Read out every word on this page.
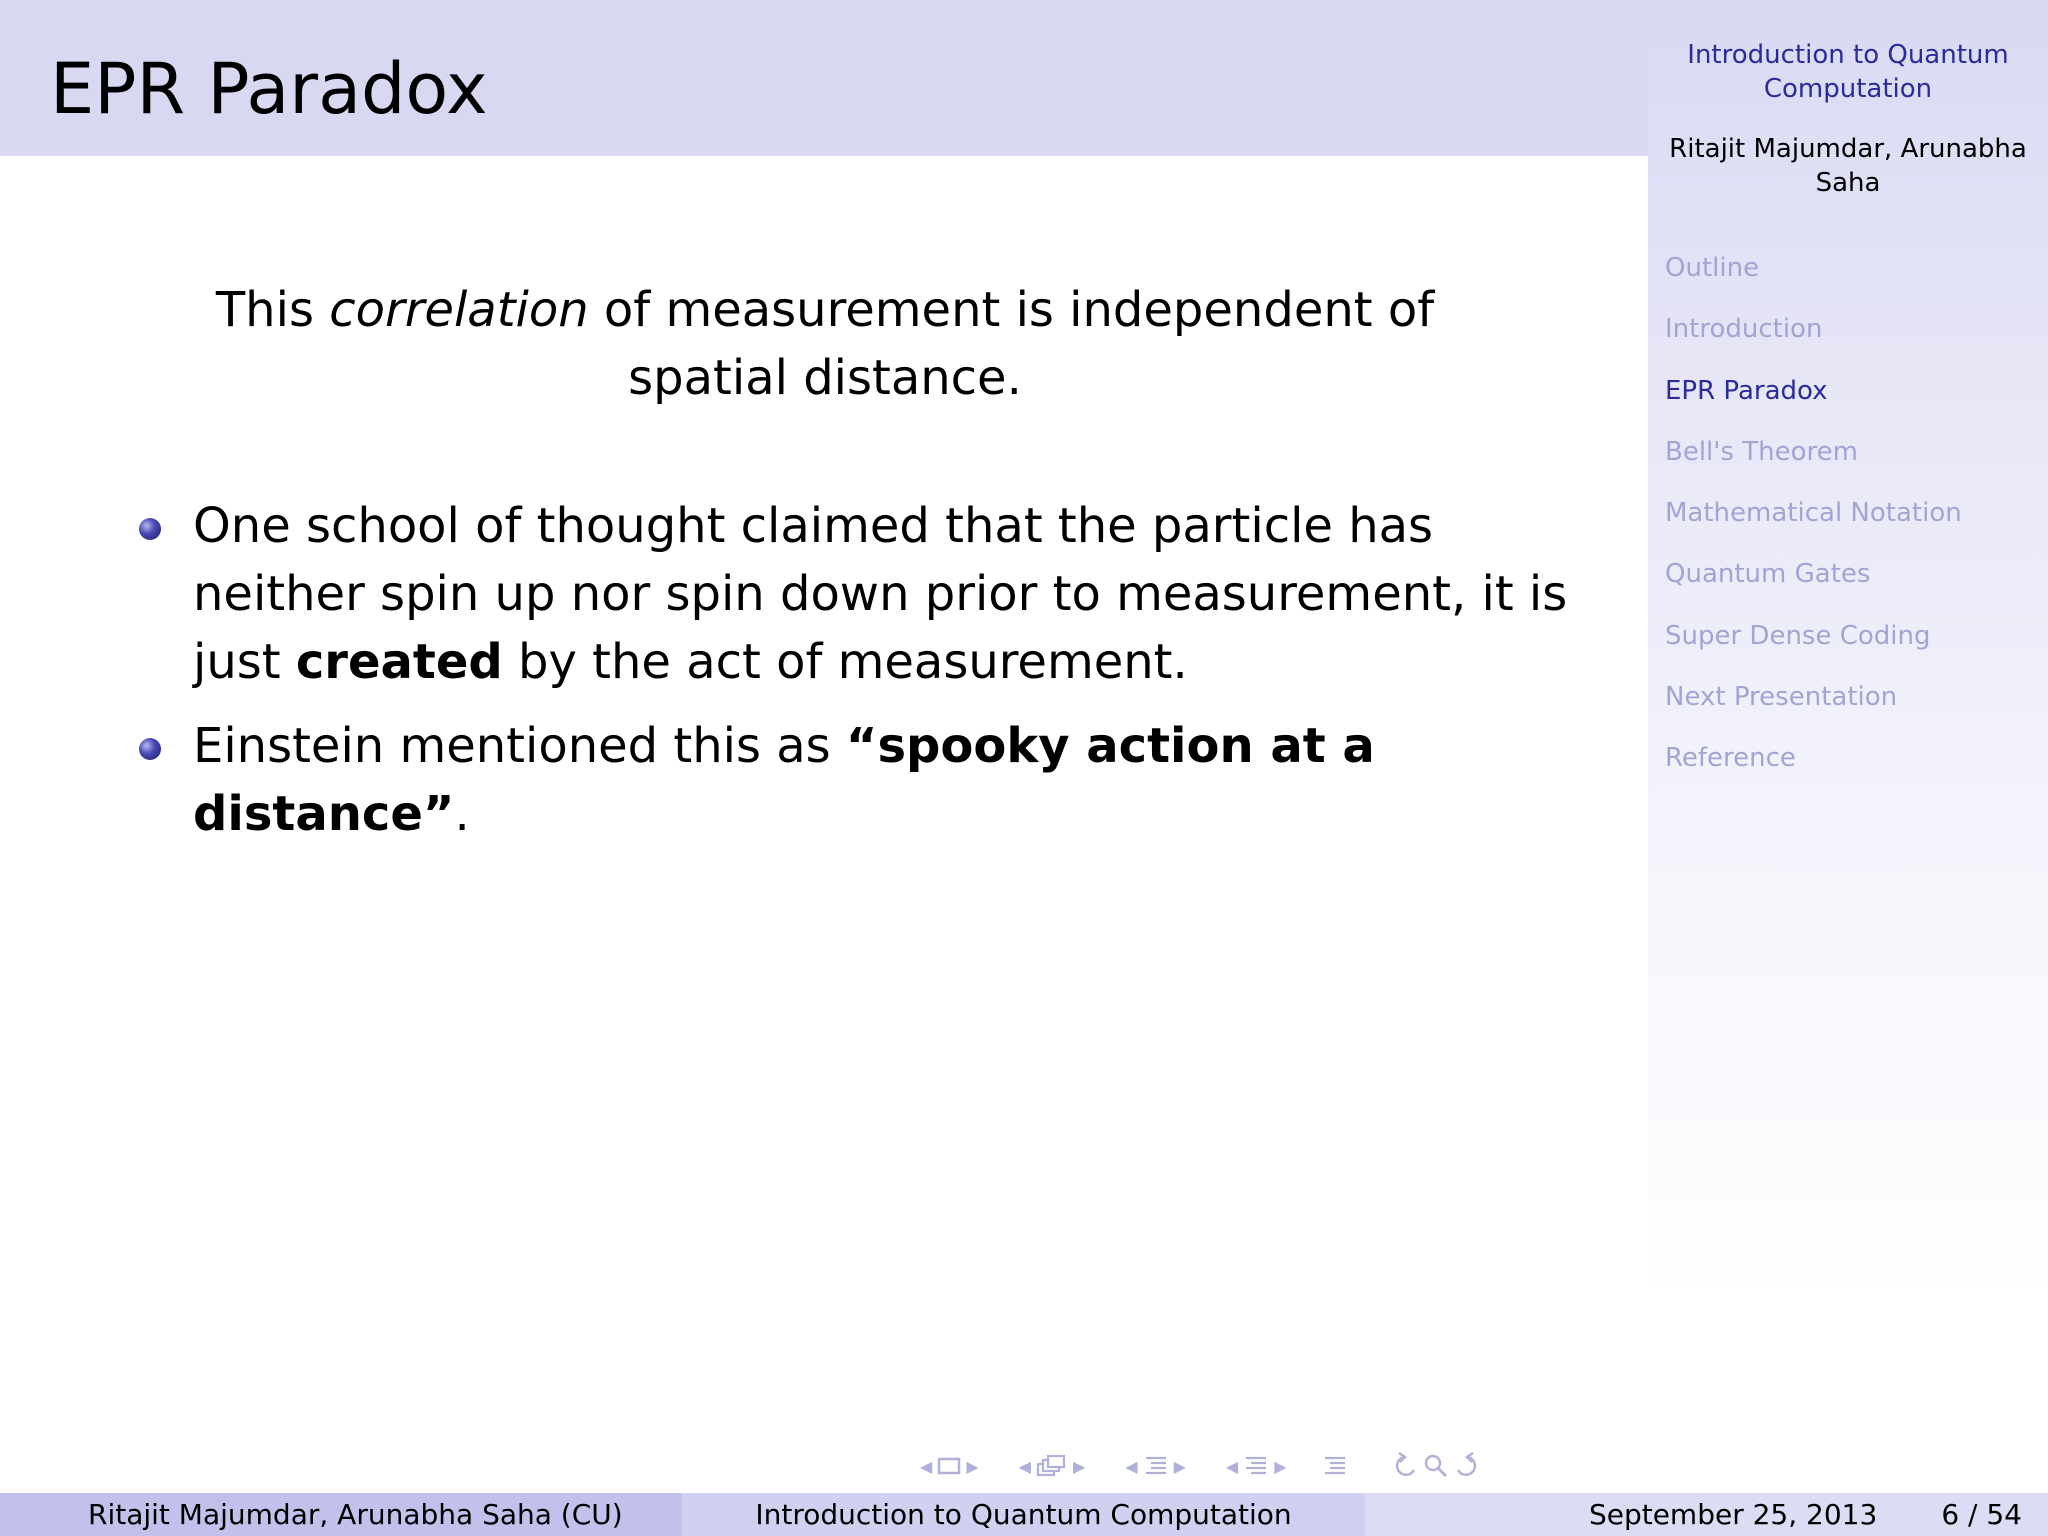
EPR Paradox	Introduction to Quantum Computation
Ritajit Majumdar, Arunabha Saha
Outline
Introduction
EPR Paradox
Bell's Theorem
Mathematical Notation
Quantum Gates
Super Dense Coding
Next Presentation
Reference
This correlation of measurement is independent of spatial distance.
One school of thought claimed that the particle has neither spin up nor spin down prior to measurement, it is just created by the act of measurement.
Einstein mentioned this as “spooky action at a distance”.
◀ ▶	◀	▶	◀ ▶	◀ ▶
Ritajit Majumdar, Arunabha Saha (CU)	Introduction to Quantum Computation	September 25, 2013 6 / 54
